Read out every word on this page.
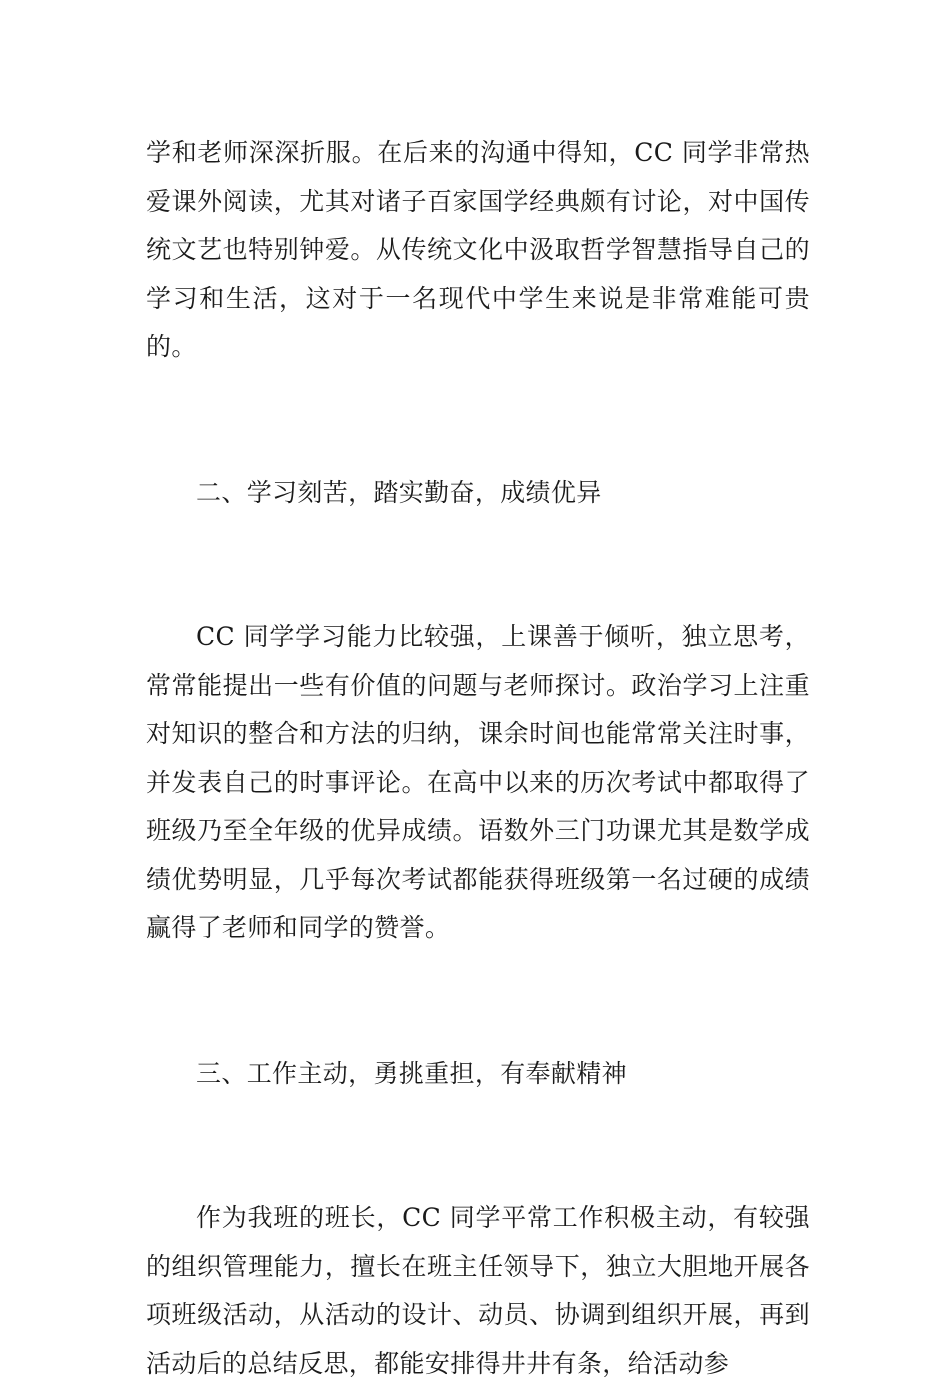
学和老师深深折服。在后来的沟通中得知，CC 同学非常热爱课外阅读，尤其对诸子百家国学经典颇有讨论，对中国传统文艺也特别钟爱。从传统文化中汲取哲学智慧指导自己的学习和生活，这对于一名现代中学生来说是非常难能可贵的。

二、学习刻苦，踏实勤奋，成绩优异

CC 同学学习能力比较强，上课善于倾听，独立思考，常常能提出一些有价值的问题与老师探讨。政治学习上注重对知识的整合和方法的归纳，课余时间也能常常关注时事，并发表自己的时事评论。在高中以来的历次考试中都取得了班级乃至全年级的优异成绩。语数外三门功课尤其是数学成绩优势明显，几乎每次考试都能获得班级第一名过硬的成绩赢得了老师和同学的赞誉。

三、工作主动，勇挑重担，有奉献精神

作为我班的班长，CC 同学平常工作积极主动，有较强的组织管理能力，擅长在班主任领导下，独立大胆地开展各项班级活动，从活动的设计、动员、协调到组织开展，再到活动后的总结反思，都能安排得井井有条，给活动参
